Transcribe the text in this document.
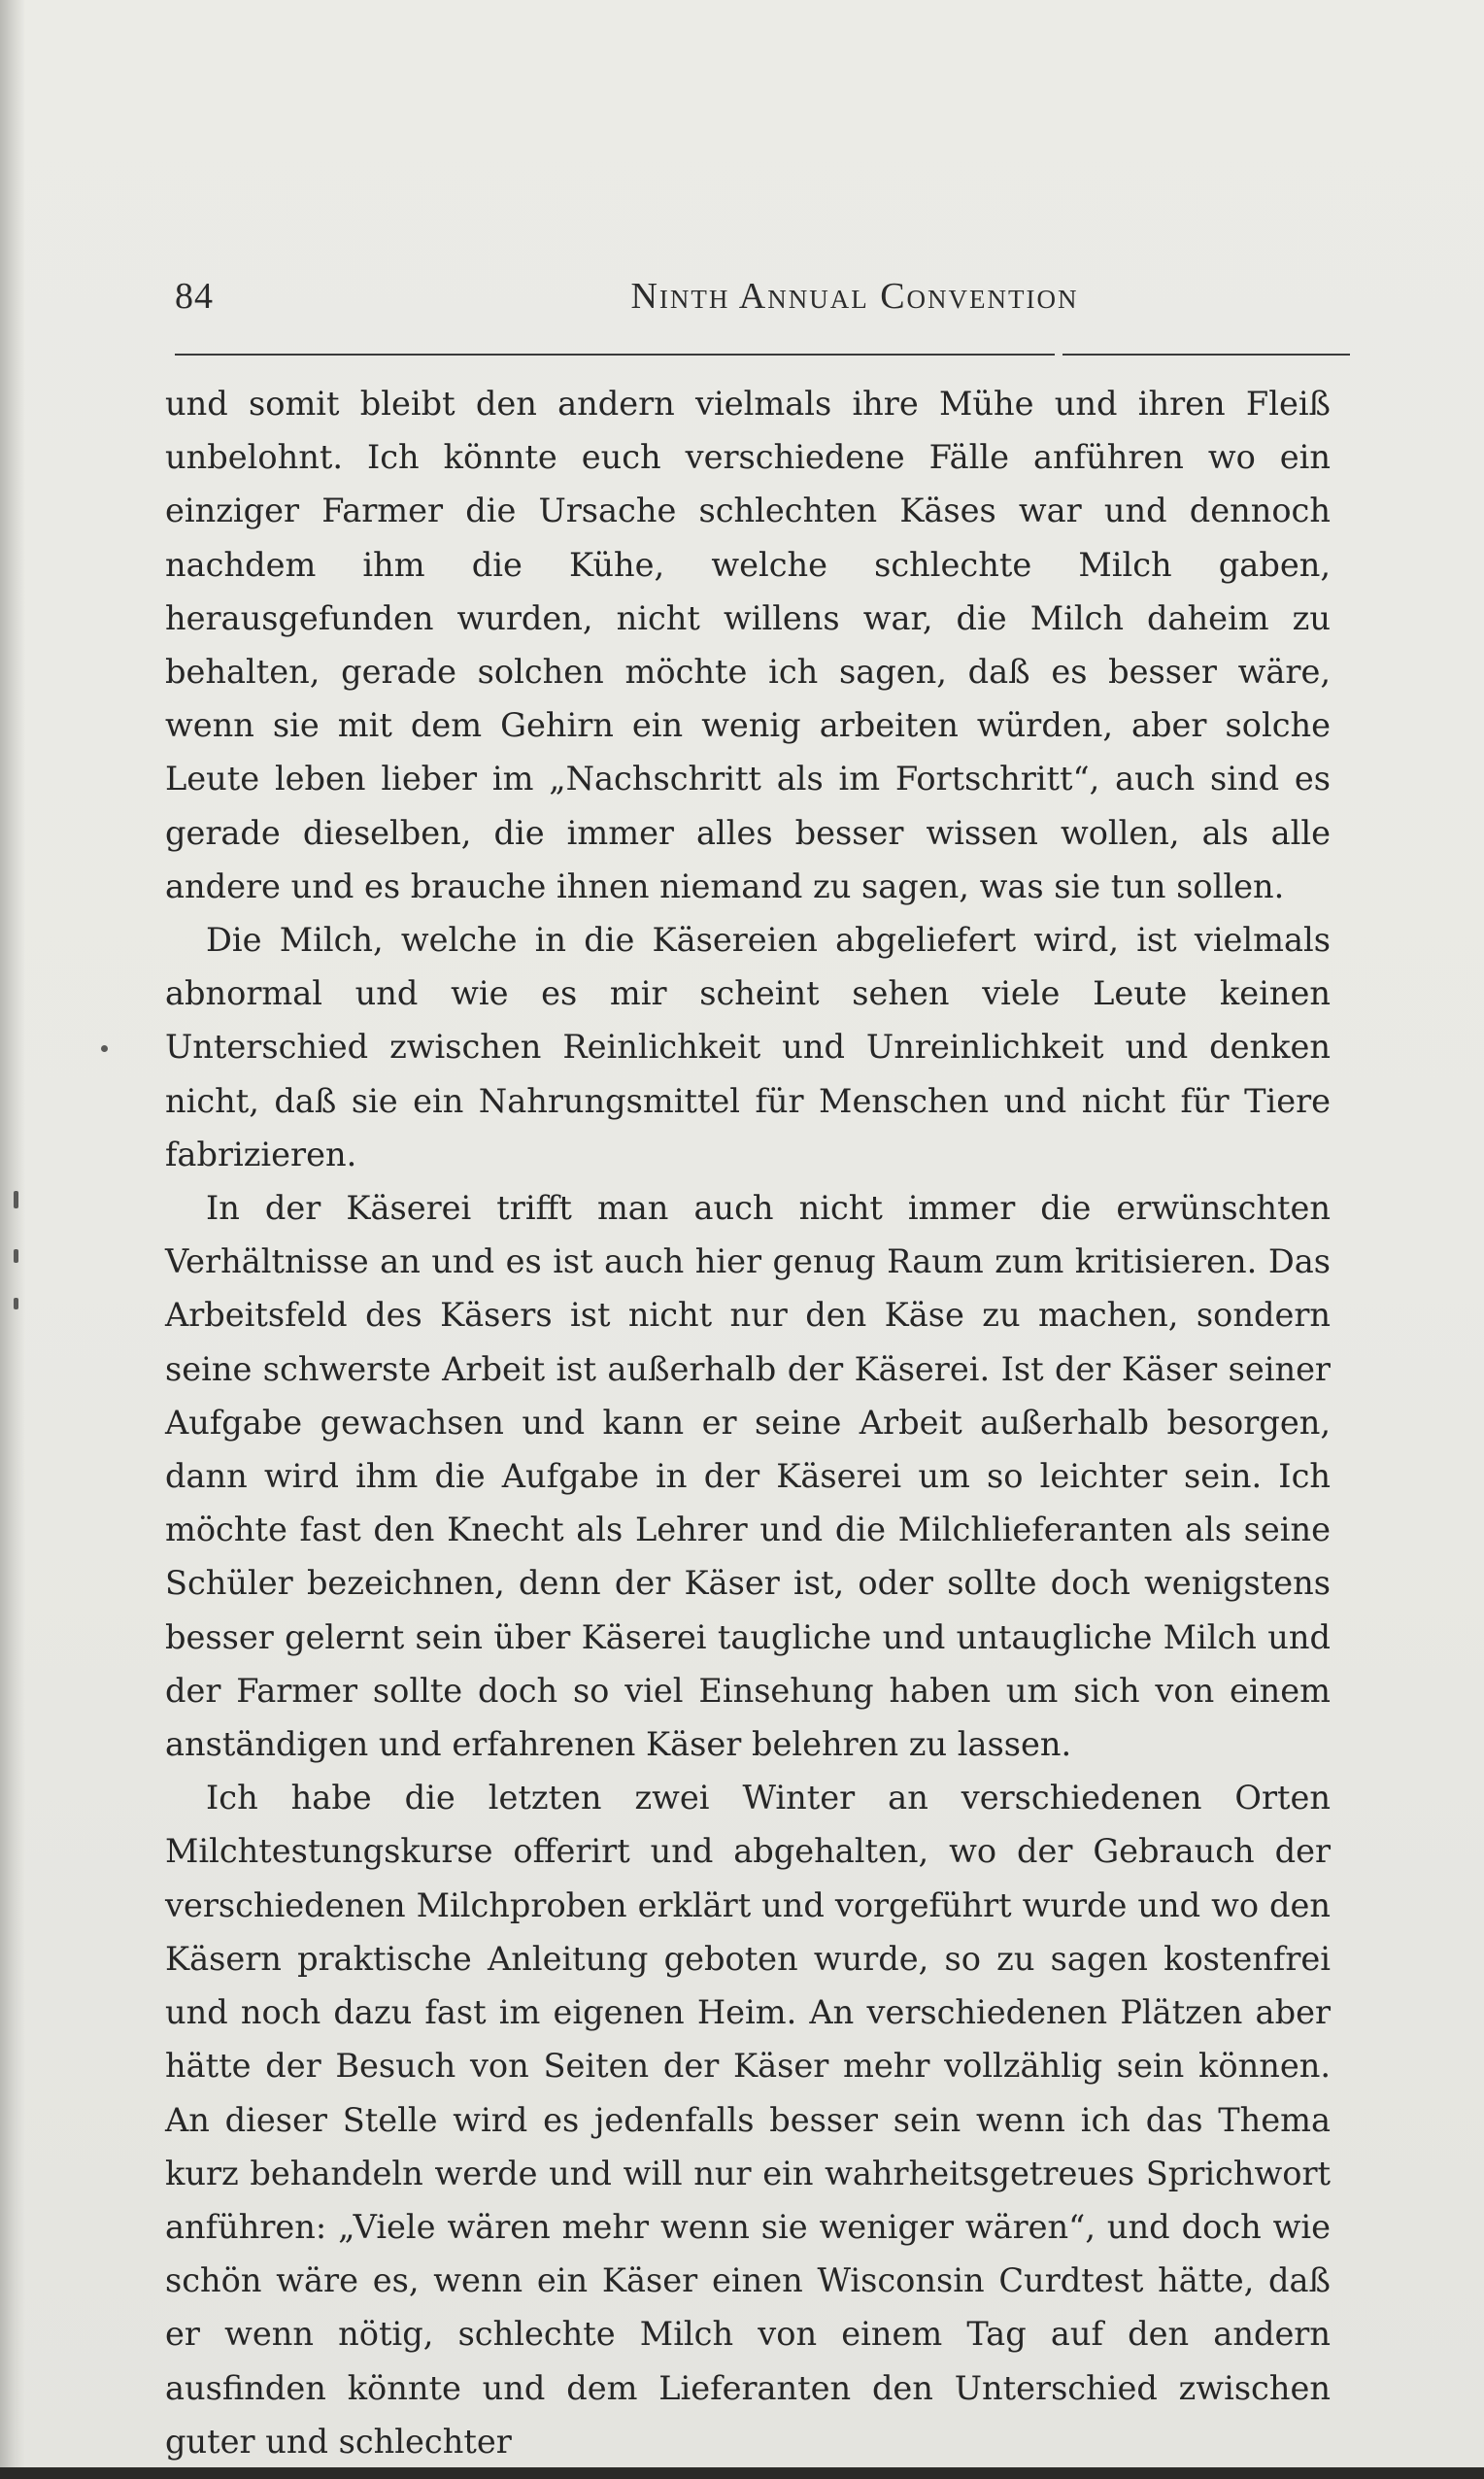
84	Ninth Annual Convention

und somit bleibt den andern vielmals ihre Mühe und ihren Fleiß unbelohnt. Ich könnte euch verschiedene Fälle anführen wo ein einziger Farmer die Ursache schlechten Käses war und dennoch nachdem ihm die Kühe, welche schlechte Milch gaben, herausgefunden wurden, nicht willens war, die Milch daheim zu behalten, gerade solchen möchte ich sagen, daß es besser wäre, wenn sie mit dem Gehirn ein wenig arbeiten würden, aber solche Leute leben lieber im „Nachschritt als im Fortschritt“, auch sind es gerade dieselben, die immer alles besser wissen wollen, als alle andere und es brauche ihnen niemand zu sagen, was sie tun sollen.

Die Milch, welche in die Käsereien abgeliefert wird, ist vielmals abnormal und wie es mir scheint sehen viele Leute keinen Unterschied zwischen Reinlichkeit und Unreinlichkeit und denken nicht, daß sie ein Nahrungsmittel für Menschen und nicht für Tiere fabrizieren.

In der Käserei trifft man auch nicht immer die erwünschten Verhältnisse an und es ist auch hier genug Raum zum kritisieren. Das Arbeitsfeld des Käsers ist nicht nur den Käse zu machen, sondern seine schwerste Arbeit ist außerhalb der Käserei. Ist der Käser seiner Aufgabe gewachsen und kann er seine Arbeit außerhalb besorgen, dann wird ihm die Aufgabe in der Käserei um so leichter sein. Ich möchte fast den Knecht als Lehrer und die Milchlieferanten als seine Schüler bezeichnen, denn der Käser ist, oder sollte doch wenigstens besser gelernt sein über Käserei taugliche und untaugliche Milch und der Farmer sollte doch so viel Einsehung haben um sich von einem anständigen und erfahrenen Käser belehren zu lassen.

Ich habe die letzten zwei Winter an verschiedenen Orten Milchtestungskurse offerirt und abgehalten, wo der Gebrauch der verschiedenen Milchproben erklärt und vorgeführt wurde und wo den Käsern praktische Anleitung geboten wurde, so zu sagen kostenfrei und noch dazu fast im eigenen Heim. An verschiedenen Plätzen aber hätte der Besuch von Seiten der Käser mehr vollzählig sein können. An dieser Stelle wird es jedenfalls besser sein wenn ich das Thema kurz behandeln werde und will nur ein wahrheitsgetreues Sprichwort anführen: „Viele wären mehr wenn sie weniger wären“, und doch wie schön wäre es, wenn ein Käser einen Wisconsin Curdtest hätte, daß er wenn nötig, schlechte Milch von einem Tag auf den andern ausfinden könnte und dem Lieferanten den Unterschied zwischen guter und schlechter
